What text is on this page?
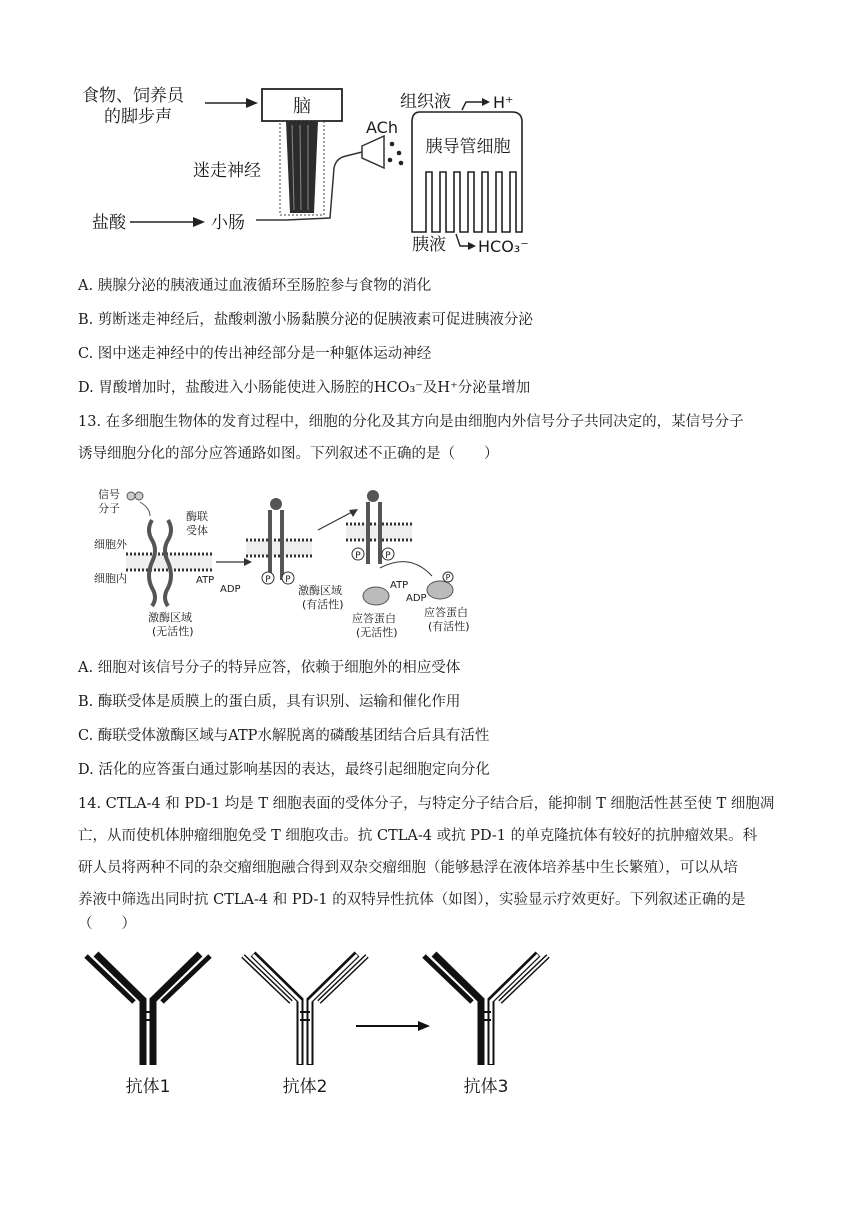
食物、饲养员
的脚步声	脑
迷走神经
盐酸	小肠
ACh
胰导管细胞
组织液	H⁺
胰液 HCO₃⁻
A. 胰腺分泌的胰液通过血液循环至肠腔参与食物的消化
B. 剪断迷走神经后，盐酸刺激小肠黏膜分泌的促胰液素可促进胰液分泌
C. 图中迷走神经中的传出神经部分是一种躯体运动神经
D. 胃酸增加时，盐酸进入小肠能使进入肠腔的HCO₃⁻及H⁺分泌量增加
13. 在多细胞生物体的发育过程中，细胞的分化及其方向是由细胞内外信号分子共同决定的，某信号分子
诱导细胞分化的部分应答通路如图。下列叙述不正确的是（　　）
信号
分子
酶联
受体
细胞外
细胞内
激酶区域
(无活性)
P P
ATP
ADP	激酶区域
(有活性)
P	P
P
ATP
ADP
应答蛋白
(无活性)
应答蛋白
(有活性)
A. 细胞对该信号分子的特异应答，依赖于细胞外的相应受体
B. 酶联受体是质膜上的蛋白质，具有识别、运输和催化作用
C. 酶联受体激酶区域与ATP水解脱离的磷酸基团结合后具有活性
D. 活化的应答蛋白通过影响基因的表达，最终引起细胞定向分化
14. CTLA-4 和 PD-1 均是 T 细胞表面的受体分子，与特定分子结合后，能抑制 T 细胞活性甚至使 T 细胞凋
亡，从而使机体肿瘤细胞免受 T 细胞攻击。抗 CTLA-4 或抗 PD-1 的单克隆抗体有较好的抗肿瘤效果。科
研人员将两种不同的杂交瘤细胞融合得到双杂交瘤细胞（能够悬浮在液体培养基中生长繁殖），可以从培
养液中筛选出同时抗 CTLA-4 和 PD-1 的双特异性抗体（如图），实验显示疗效更好。下列叙述正确的是
（　　）
抗体1	抗体2	抗体3
